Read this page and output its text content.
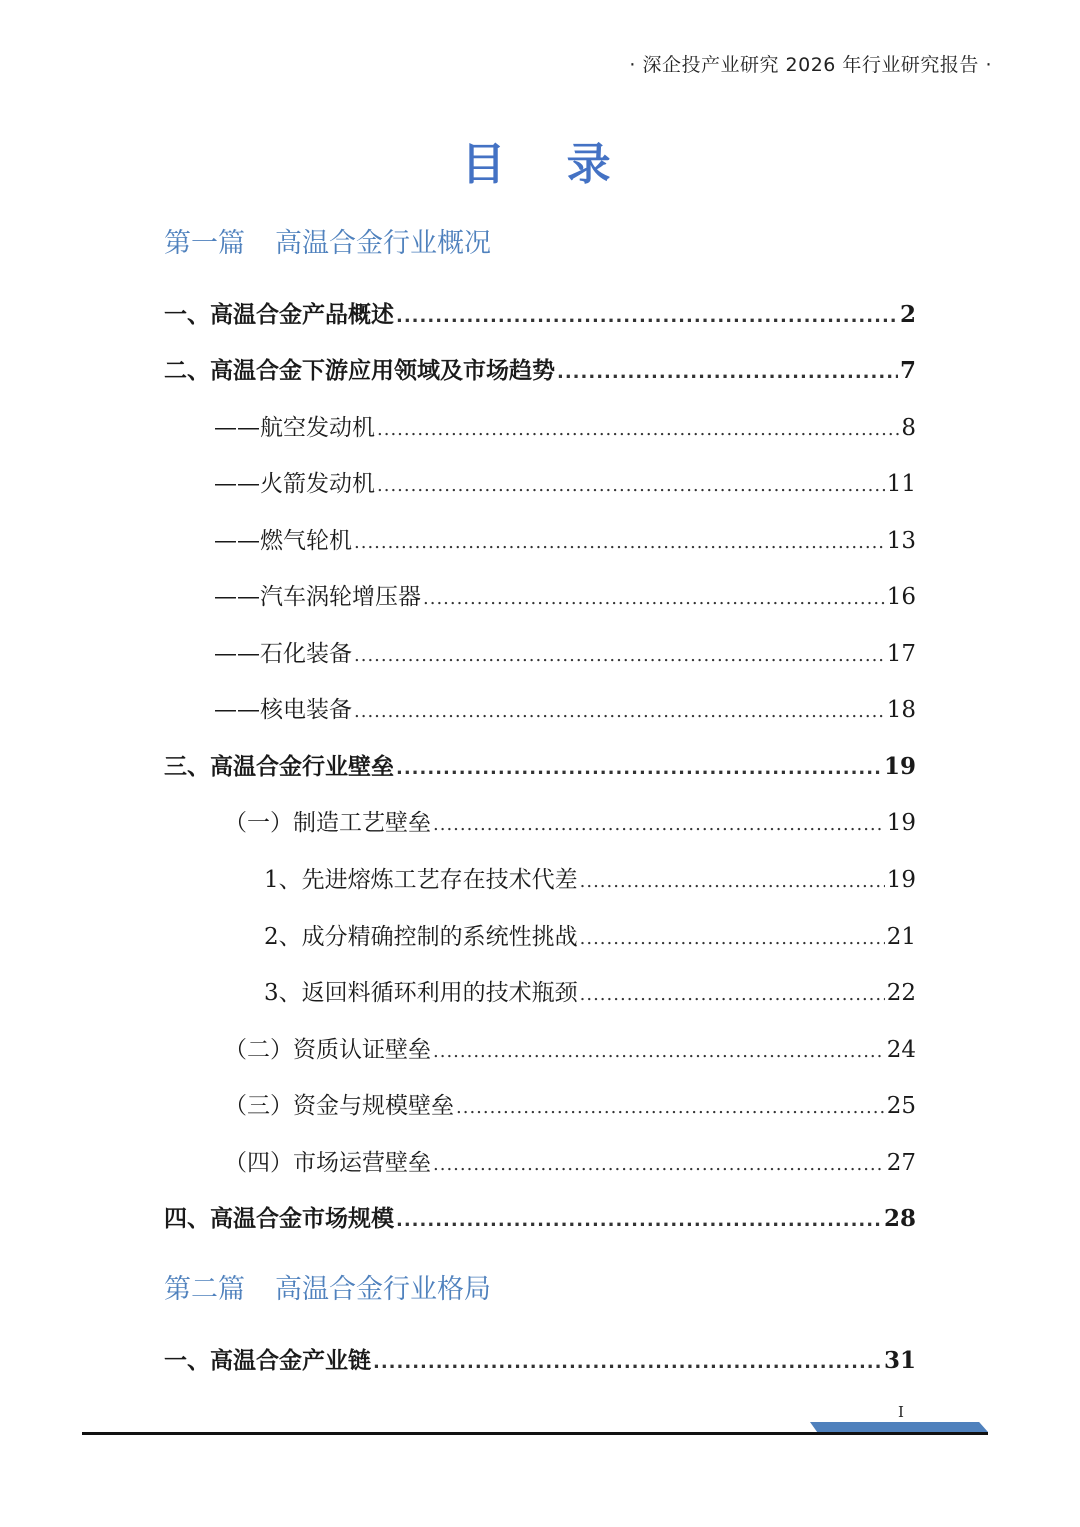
· 深企投产业研究 2026 年行业研究报告 ·
目 录
第一篇 高温合金行业概况
一、高温合金产品概述 .....	2
二、高温合金下游应用领域及市场趋势 .....	7
——航空发动机 .....	8
——火箭发动机 .....	11
——燃气轮机 .....	13
——汽车涡轮增压器 .....	16
——石化装备 .....	17
——核电装备 .....	18
三、高温合金行业壁垒 .....	19
（一）制造工艺壁垒 .....	19
1、先进熔炼工艺存在技术代差 .....	19
2、成分精确控制的系统性挑战 .....	21
3、返回料循环利用的技术瓶颈 .....	22
（二）资质认证壁垒 .....	24
（三）资金与规模壁垒 .....	25
（四）市场运营壁垒 .....	27
四、高温合金市场规模 .....	28
第二篇 高温合金行业格局
一、高温合金产业链 .....	31
I
